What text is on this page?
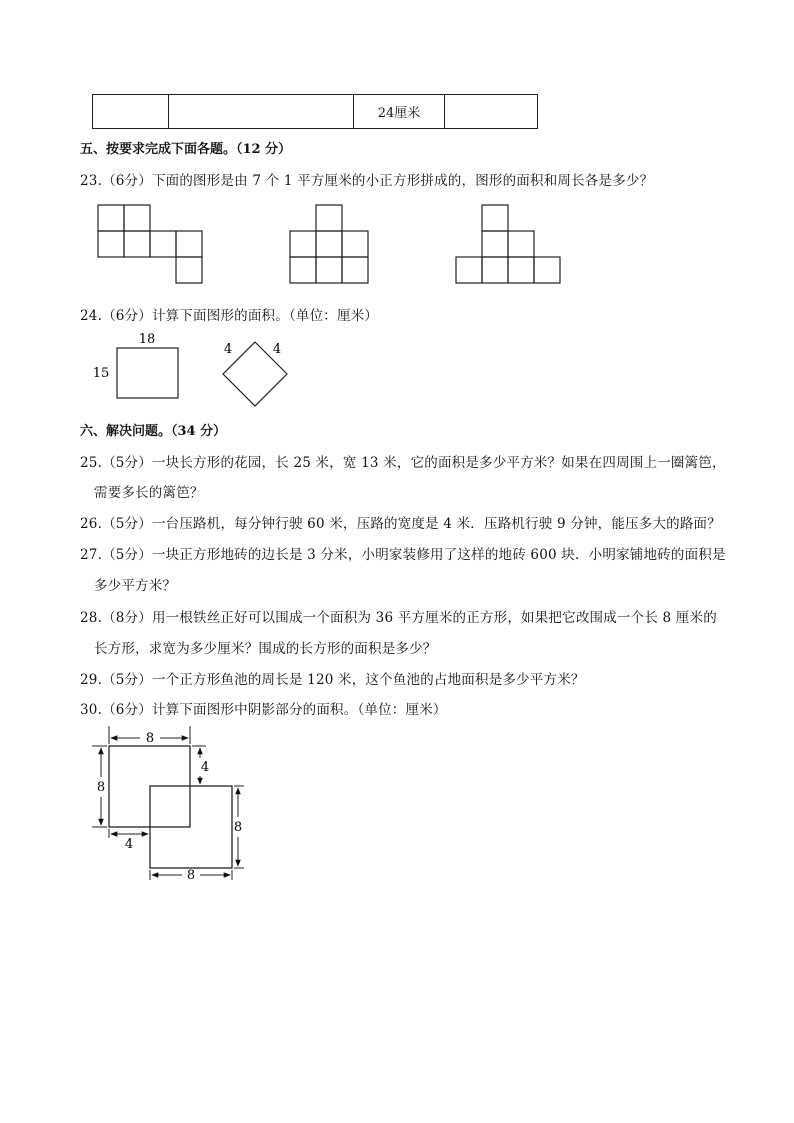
		24厘米	
五、按要求完成下面各题。（12 分）
23.（6分）下面的图形是由 7 个 1 平方厘米的小正方形拼成的，图形的面积和周长各是多少？
24.（6分）计算下面图形的面积。（单位：厘米）
18
15
4	4
六、解决问题。（34 分）
25.（5分）一块长方形的花园，长 25 米，宽 13 米，它的面积是多少平方米？如果在四周围上一圈篱笆，
需要多长的篱笆？
26.（5分）一台压路机，每分钟行驶 60 米，压路的宽度是 4 米．压路机行驶 9 分钟，能压多大的路面？
27.（5分）一块正方形地砖的边长是 3 分米，小明家装修用了这样的地砖 600 块．小明家铺地砖的面积是
多少平方米？
28.（8分）用一根铁丝正好可以围成一个面积为 36 平方厘米的正方形，如果把它改围成一个长 8 厘米的
长方形，求宽为多少厘米？围成的长方形的面积是多少？
29.（5分）一个正方形鱼池的周长是 120 米，这个鱼池的占地面积是多少平方米？
30.（6分）计算下面图形中阴影部分的面积。（单位：厘米）
8
8
4
8
4
8
